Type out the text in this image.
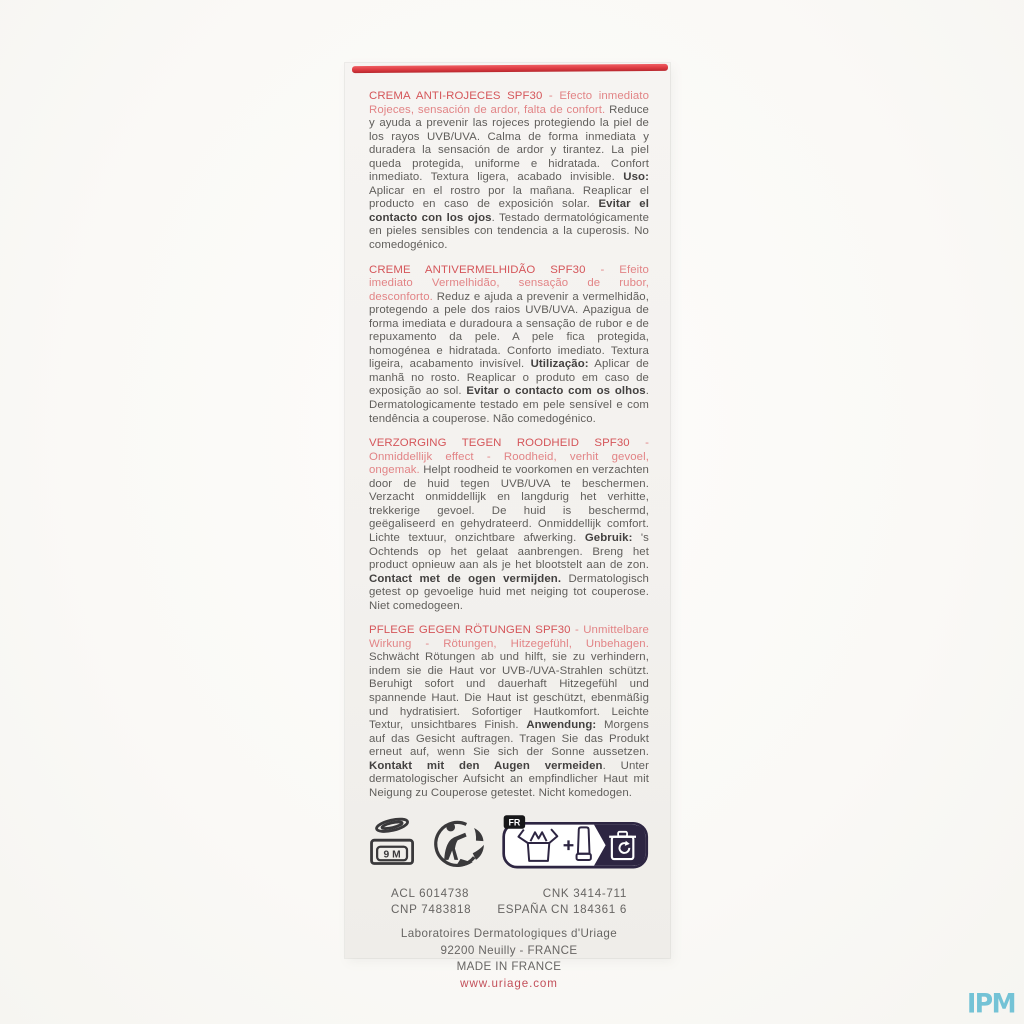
CREMA ANTI-ROJECES SPF30 - Efecto inmediato Rojeces, sensación de ardor, falta de confort. Reduce y ayuda a prevenir las rojeces protegiendo la piel de los rayos UVB/UVA. Calma de forma inmediata y duradera la sensación de ardor y tirantez. La piel queda protegida, uniforme e hidratada. Confort inmediato. Textura ligera, acabado invisible. Uso: Aplicar en el rostro por la mañana. Reaplicar el producto en caso de exposición solar. Evitar el contacto con los ojos. Testado dermatológicamente en pieles sensibles con tendencia a la cuperosis. No comedogénico.

CREME ANTIVERMELHIDÃO SPF30 - Efeito imediato Vermelhidão, sensação de rubor, desconforto. Reduz e ajuda a prevenir a vermelhidão, protegendo a pele dos raios UVB/UVA. Apazigua de forma imediata e duradoura a sensação de rubor e de repuxamento da pele. A pele fica protegida, homogénea e hidratada. Conforto imediato. Textura ligeira, acabamento invisível. Utilização: Aplicar de manhã no rosto. Reaplicar o produto em caso de exposição ao sol. Evitar o contacto com os olhos. Dermatologicamente testado em pele sensível e com tendência a couperose. Não comedogénico.

VERZORGING TEGEN ROODHEID SPF30 - Onmiddellijk effect - Roodheid, verhit gevoel, ongemak. Helpt roodheid te voorkomen en verzachten door de huid tegen UVB/UVA te beschermen. Verzacht onmiddellijk en langdurig het verhitte, trekkerige gevoel. De huid is beschermd, geëgaliseerd en gehydrateerd. Onmiddellijk comfort. Lichte textuur, onzichtbare afwerking. Gebruik: 's Ochtends op het gelaat aanbrengen. Breng het product opnieuw aan als je het blootstelt aan de zon. Contact met de ogen vermijden. Dermatologisch getest op gevoelige huid met neiging tot couperose. Niet comedogeen.

PFLEGE GEGEN RÖTUNGEN SPF30 - Unmittelbare Wirkung - Rötungen, Hitzegefühl, Unbehagen. Schwächt Rötungen ab und hilft, sie zu verhindern, indem sie die Haut vor UVB-/UVA-Strahlen schützt. Beruhigt sofort und dauerhaft Hitzegefühl und spannende Haut. Die Haut ist geschützt, ebenmäßig und hydratisiert. Sofortiger Hautkomfort. Leichte Textur, unsichtbares Finish. Anwendung: Morgens auf das Gesicht auftragen. Tragen Sie das Produkt erneut auf, wenn Sie sich der Sonne aussetzen. Kontakt mit den Augen vermeiden. Unter dermatologischer Aufsicht an empfindlicher Haut mit Neigung zu Couperose getestet. Nicht komedogen.

9 M
FR
ACL 6014738	CNK 3414-711
CNP 7483818 ESPAÑA CN 184361 6
Laboratoires Dermatologiques d'Uriage
92200 Neuilly - FRANCE
MADE IN FRANCE
www.uriage.com
IPM
